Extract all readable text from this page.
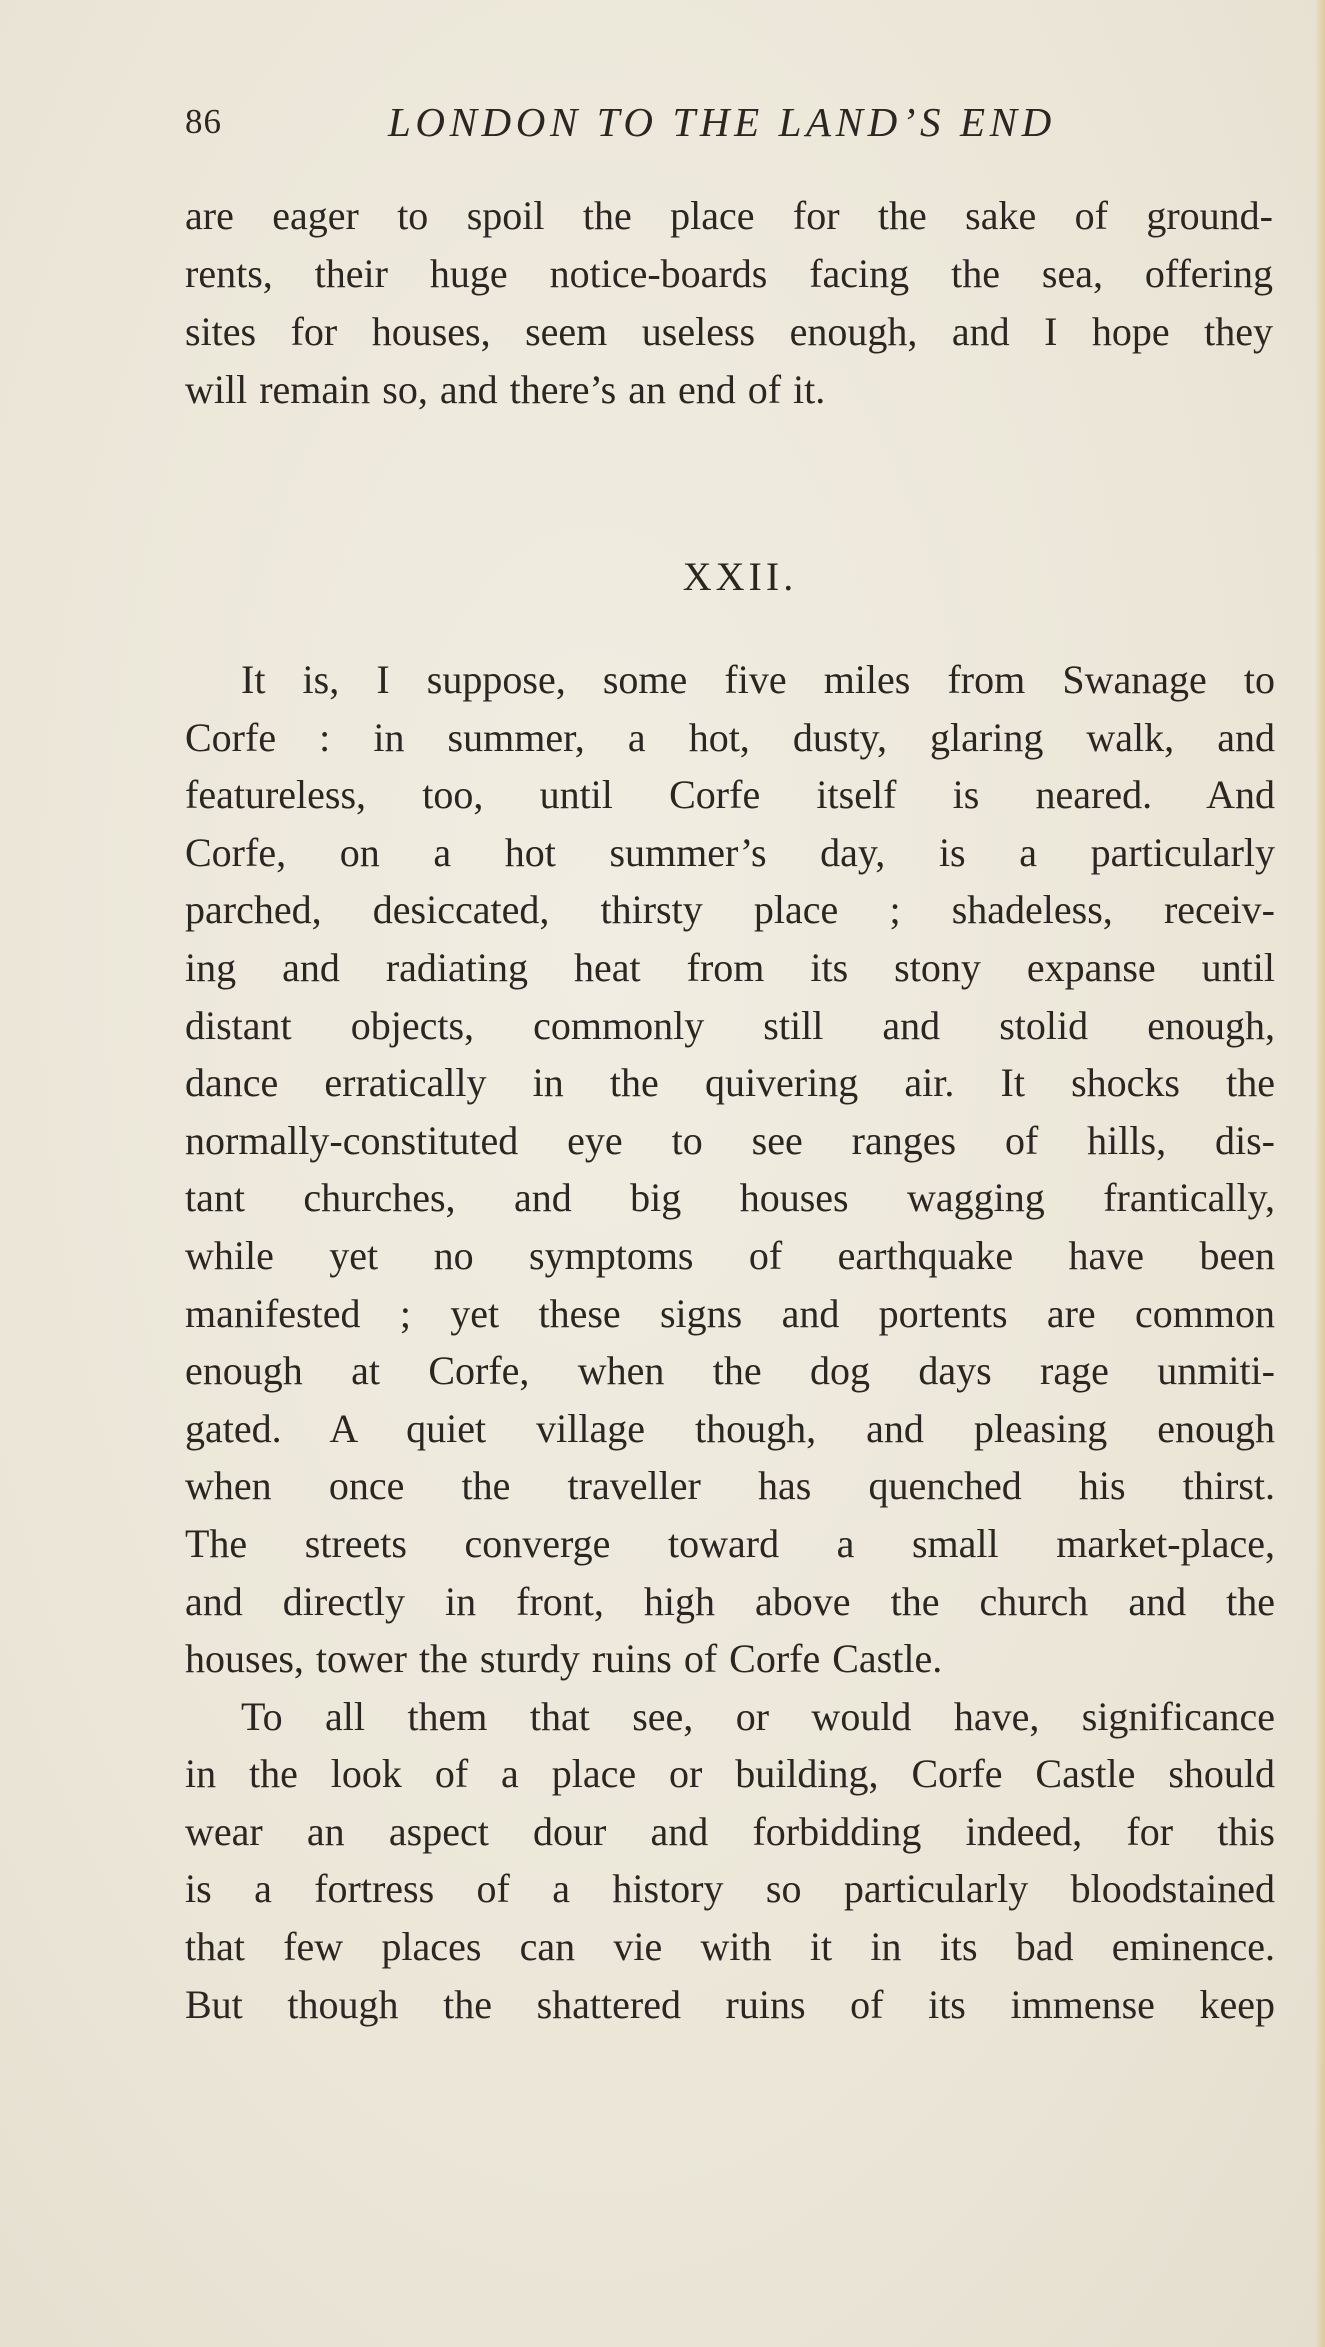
86	LONDON TO THE LAND’S END
are eager to spoil the place for the sake of ground-
rents, their huge notice-boards facing the sea, offering
sites for houses, seem useless enough, and I hope they
will remain so, and there’s an end of it.
XXII.
It is, I suppose, some five miles from Swanage to
Corfe : in summer, a hot, dusty, glaring walk, and
featureless, too, until Corfe itself is neared. And
Corfe, on a hot summer’s day, is a particularly
parched, desiccated, thirsty place ; shadeless, receiv-
ing and radiating heat from its stony expanse until
distant objects, commonly still and stolid enough,
dance erratically in the quivering air. It shocks the
normally-constituted eye to see ranges of hills, dis-
tant churches, and big houses wagging frantically,
while yet no symptoms of earthquake have been
manifested ; yet these signs and portents are common
enough at Corfe, when the dog days rage unmiti-
gated. A quiet village though, and pleasing enough
when once the traveller has quenched his thirst.
The streets converge toward a small market-place,
and directly in front, high above the church and the
houses, tower the sturdy ruins of Corfe Castle.
To all them that see, or would have, significance
in the look of a place or building, Corfe Castle should
wear an aspect dour and forbidding indeed, for this
is a fortress of a history so particularly bloodstained
that few places can vie with it in its bad eminence.
But though the shattered ruins of its immense keep
